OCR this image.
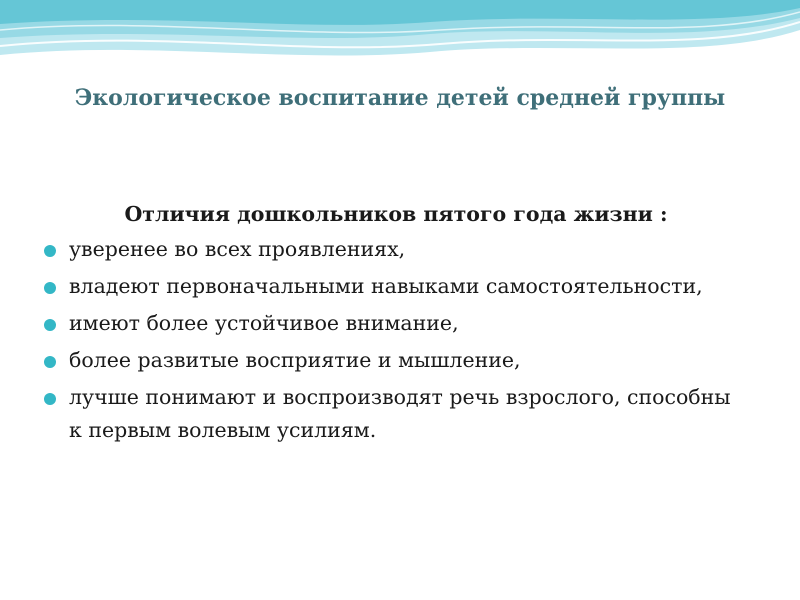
Экологическое воспитание детей средней группы
Отличия дошкольников пятого года жизни :
уверенее во всех проявлениях,
владеют первоначальными навыками самостоятельности,
имеют более устойчивое внимание,
более развитые восприятие и мышление,
лучше понимают и воспроизводят речь взрослого, способны к первым волевым усилиям.
